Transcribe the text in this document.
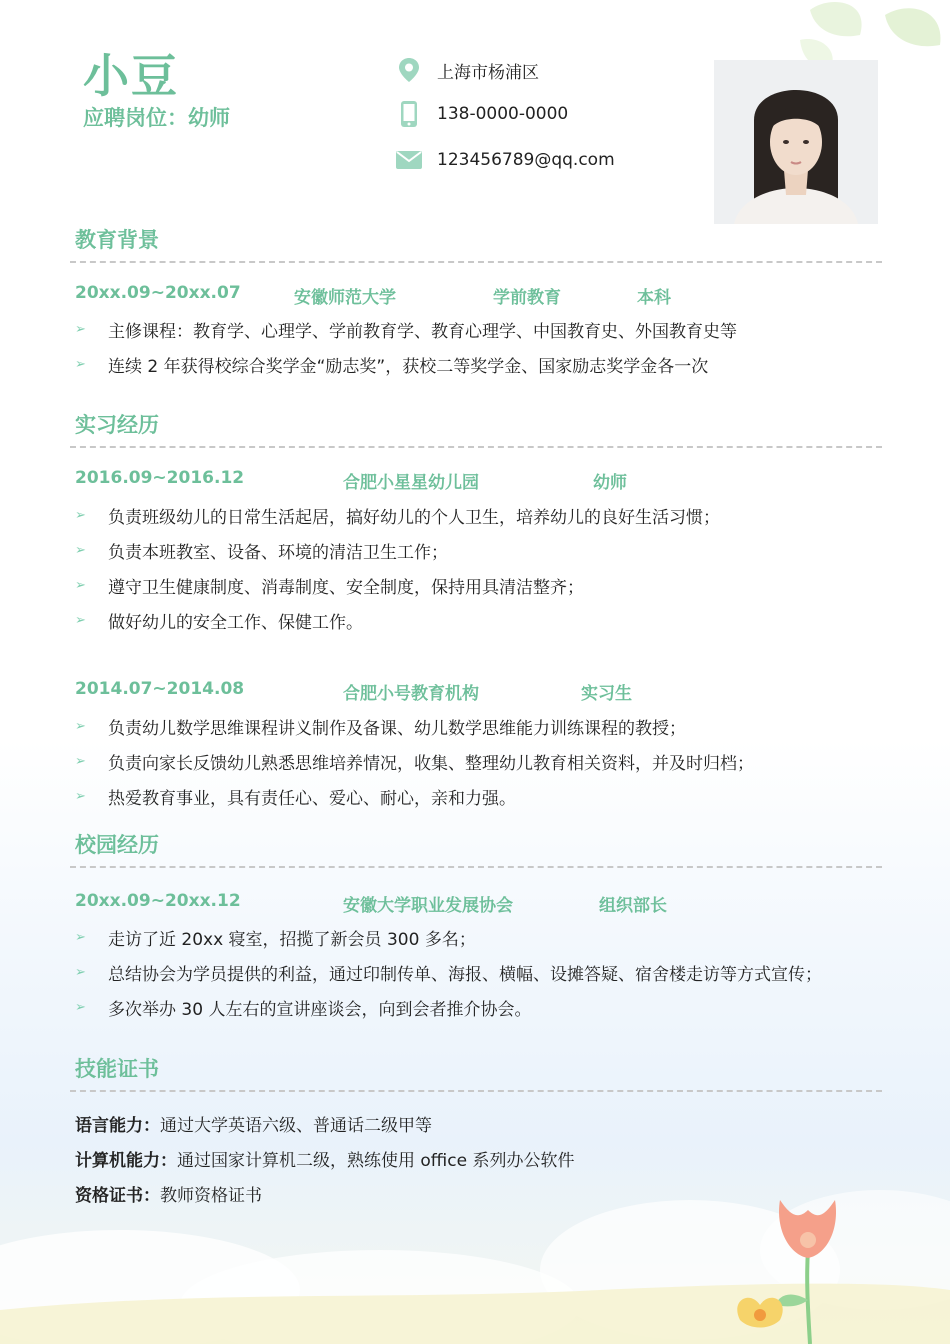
小豆
应聘岗位：幼师
上海市杨浦区
138-0000-0000
123456789@qq.com
教育背景
20xx.09~20xx.07	安徽师范大学	学前教育	本科
➢ 主修课程：教育学、心理学、学前教育学、教育心理学、中国教育史、外国教育史等
➢ 连续 2 年获得校综合奖学金“励志奖”，获校二等奖学金、国家励志奖学金各一次
实习经历
2016.09~2016.12	合肥小星星幼儿园	幼师
➢ 负责班级幼儿的日常生活起居，搞好幼儿的个人卫生，培养幼儿的良好生活习惯；
➢ 负责本班教室、设备、环境的清洁卫生工作；
➢ 遵守卫生健康制度、消毒制度、安全制度，保持用具清洁整齐；
➢ 做好幼儿的安全工作、保健工作。
2014.07~2014.08	合肥小号教育机构	实习生
➢ 负责幼儿数学思维课程讲义制作及备课、幼儿数学思维能力训练课程的教授；
➢ 负责向家长反馈幼儿熟悉思维培养情况，收集、整理幼儿教育相关资料，并及时归档；
➢ 热爱教育事业，具有责任心、爱心、耐心，亲和力强。
校园经历
20xx.09~20xx.12	安徽大学职业发展协会	组织部长
➢ 走访了近 20xx 寝室，招揽了新会员 300 多名；
➢ 总结协会为学员提供的利益，通过印制传单、海报、横幅、设摊答疑、宿舍楼走访等方式宣传；
➢ 多次举办 30 人左右的宣讲座谈会，向到会者推介协会。
技能证书
语言能力：通过大学英语六级、普通话二级甲等
计算机能力：通过国家计算机二级，熟练使用 office 系列办公软件
资格证书：教师资格证书
